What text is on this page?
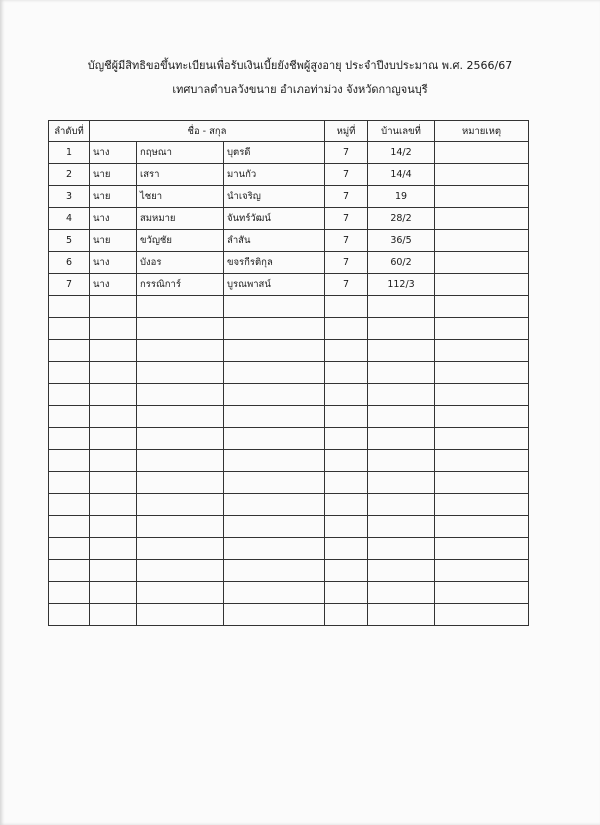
บัญชีผู้มีสิทธิขอขึ้นทะเบียนเพื่อรับเงินเบี้ยยังชีพผู้สูงอายุ ประจำปีงบประมาณ พ.ศ. 2566/67
เทศบาลตำบลวังขนาย อำเภอท่าม่วง จังหวัดกาญจนบุรี
ลำดับที่	ชื่อ - สกุล			หมู่ที่	บ้านเลขที่	หมายเหตุ
1	นาง	กฤษณา	บุตรดี	7	14/2	
2	นาย	เสรา	มานกัว	7	14/4	
3	นาย	ไชยา	นำเจริญ	7	19	
4	นาง	สมหมาย	จันทร์วัฒน์	7	28/2	
5	นาย	ขวัญชัย	ลำสัน	7	36/5	
6	นาง	บังอร	ขจรกีรติกุล	7	60/2	
7	นาง	กรรณิการ์	บูรณพาสน์	7	112/3	
